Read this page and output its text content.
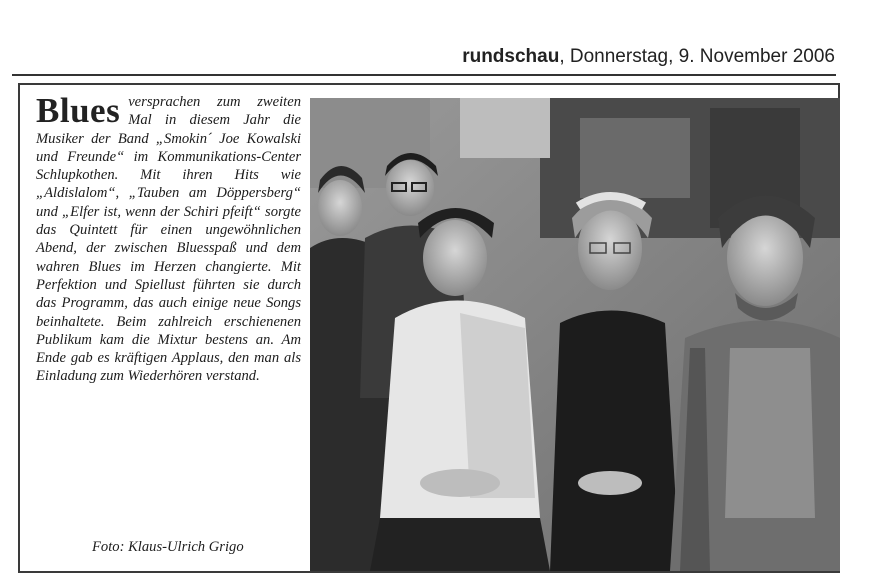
rundschau, Donnerstag, 9. November 2006
Blues versprachen zum zweiten Mal in diesem Jahr die Musiker der Band „Smokin´ Joe Kowalski und Freunde“ im Kommunikations-Center Schlupkothen. Mit ihren Hits wie „Aldislalom“, „Tauben am Döppersberg“ und „Elfer ist, wenn der Schiri pfeift“ sorgte das Quintett für einen ungewöhnlichen Abend, der zwischen Bluesspaß und dem wahren Blues im Herzen changierte. Mit Perfektion und Spiellust führten sie durch das Programm, das auch einige neue Songs beinhaltete. Beim zahlreich erschienenen Publikum kam die Mixtur bestens an. Am Ende gab es kräftigen Applaus, den man als Einladung zum Wiederhören verstand.
Foto: Klaus-Ulrich Grigo
